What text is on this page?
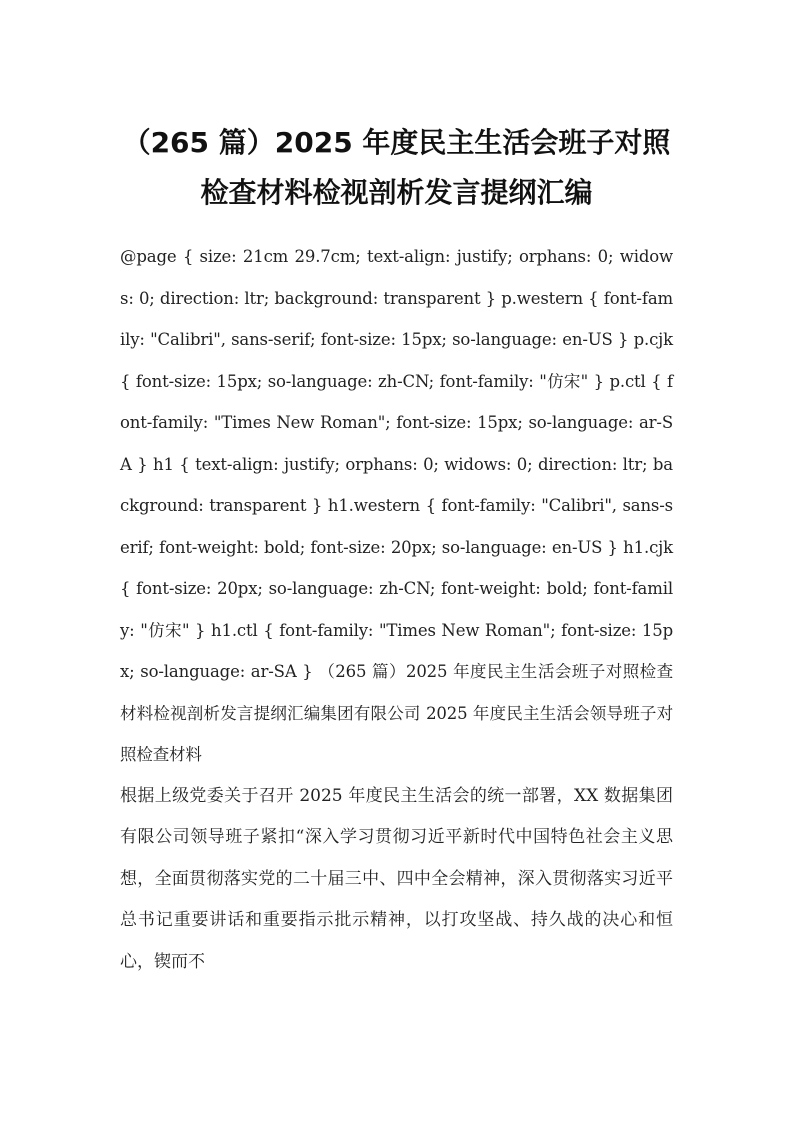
（265 篇）2025 年度民主生活会班子对照检查材料检视剖析发言提纲汇编

@page { size: 21cm 29.7cm; text-align: justify; orphans: 0; widows: 0; direction: ltr; background: transparent } p.western { font-family: "Calibri", sans-serif; font-size: 15px; so-language: en-US } p.cjk { font-size: 15px; so-language: zh-CN; font-family: "仿宋" } p.ctl { font-family: "Times New Roman"; font-size: 15px; so-language: ar-SA } h1 { text-align: justify; orphans: 0; widows: 0; direction: ltr; background: transparent } h1.western { font-family: "Calibri", sans-serif; font-weight: bold; font-size: 20px; so-language: en-US } h1.cjk { font-size: 20px; so-language: zh-CN; font-weight: bold; font-family: "仿宋" } h1.ctl { font-family: "Times New Roman"; font-size: 15px; so-language: ar-SA } （265 篇）2025 年度民主生活会班子对照检查材料检视剖析发言提纲汇编集团有限公司 2025 年度民主生活会领导班子对照检查材料

根据上级党委关于召开 2025 年度民主生活会的统一部署，XX 数据集团有限公司领导班子紧扣“深入学习贯彻习近平新时代中国特色社会主义思想，全面贯彻落实党的二十届三中、四中全会精神，深入贯彻落实习近平总书记重要讲话和重要指示批示精神，以打攻坚战、持久战的决心和恒心，锲而不
